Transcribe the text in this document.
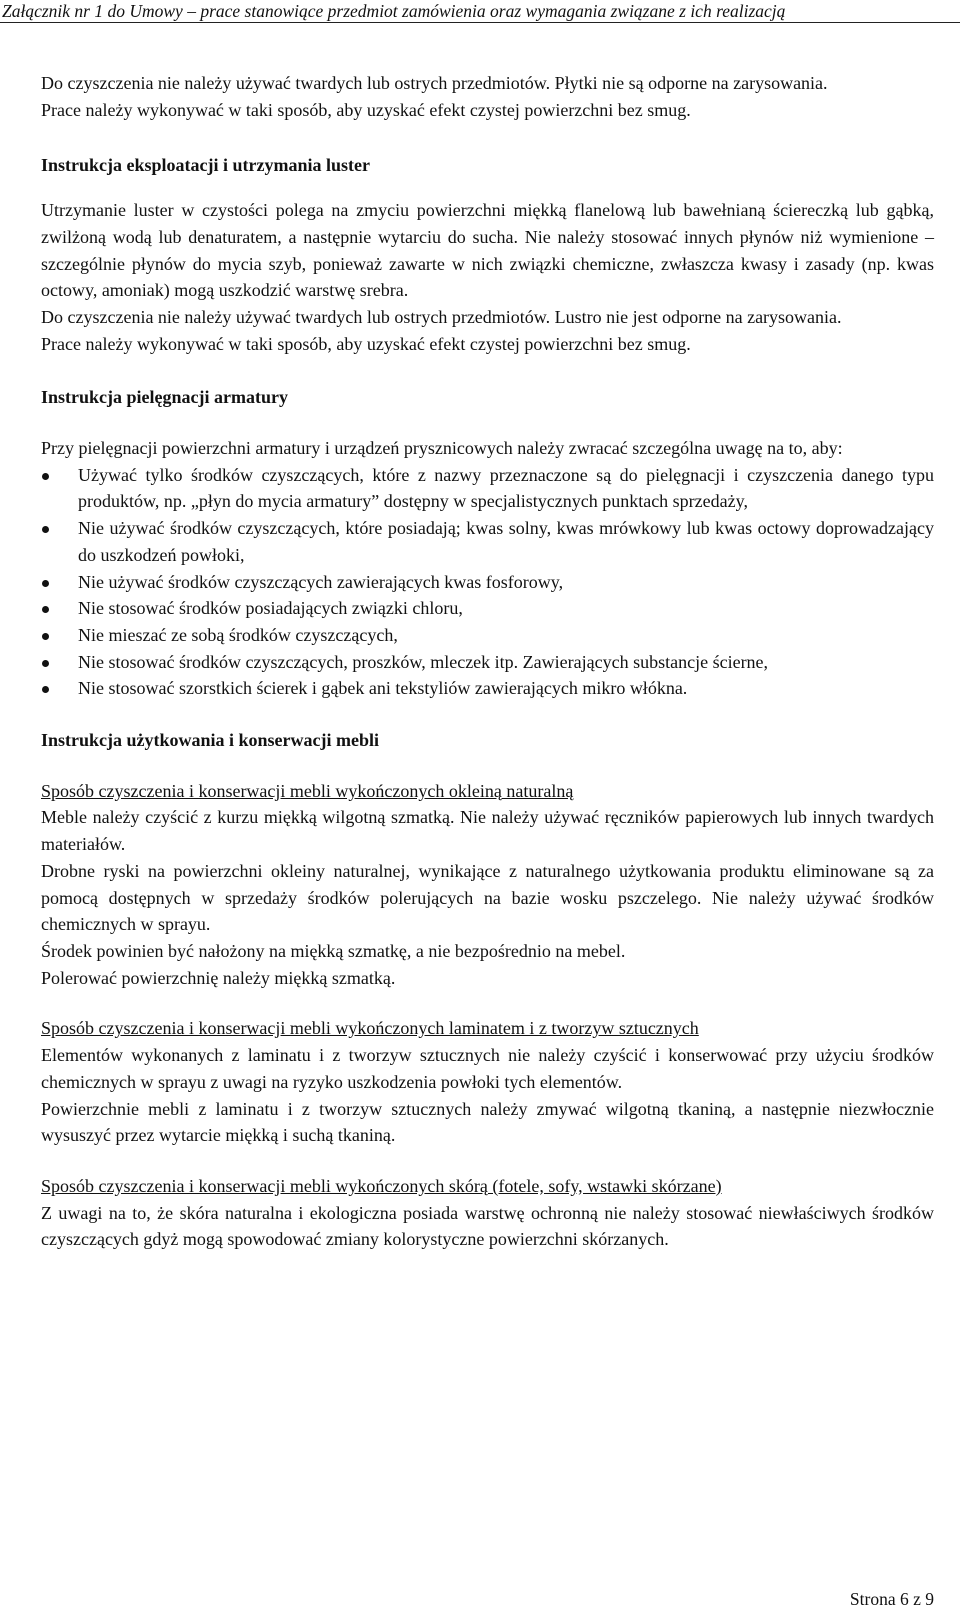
Załącznik nr 1 do Umowy – prace stanowiące przedmiot zamówienia oraz wymagania związane z ich realizacją

Do czyszczenia nie należy używać twardych lub ostrych przedmiotów. Płytki nie są odporne na zarysowania.

Prace należy wykonywać w taki sposób, aby uzyskać efekt czystej powierzchni bez smug.

Instrukcja eksploatacji i utrzymania luster

Utrzymanie luster w czystości polega na zmyciu powierzchni miękką flanelową lub bawełnianą ściereczką lub gąbką, zwilżoną wodą lub denaturatem, a następnie wytarciu do sucha. Nie należy stosować innych płynów niż wymienione – szczególnie płynów do mycia szyb, ponieważ zawarte w nich związki chemiczne, zwłaszcza kwasy i zasady (np. kwas octowy, amoniak) mogą uszkodzić warstwę srebra.

Do czyszczenia nie należy używać twardych lub ostrych przedmiotów. Lustro nie jest odporne na zarysowania.

Prace należy wykonywać w taki sposób, aby uzyskać efekt czystej powierzchni bez smug.

Instrukcja pielęgnacji armatury

Przy pielęgnacji powierzchni armatury i urządzeń prysznicowych należy zwracać szczególna uwagę na to, aby:

Używać tylko środków czyszczących, które z nazwy przeznaczone są do pielęgnacji i czyszczenia danego typu produktów, np. „płyn do mycia armatury” dostępny w specjalistycznych punktach sprzedaży,
Nie używać środków czyszczących, które posiadają; kwas solny, kwas mrówkowy lub kwas octowy doprowadzający do uszkodzeń powłoki,
Nie używać środków czyszczących zawierających kwas fosforowy,
Nie stosować środków posiadających związki chloru,
Nie mieszać ze sobą środków czyszczących,
Nie stosować środków czyszczących, proszków, mleczek itp. Zawierających substancje ścierne,
Nie stosować szorstkich ścierek i gąbek ani tekstyliów zawierających mikro włókna.

Instrukcja użytkowania i konserwacji mebli

Sposób czyszczenia i konserwacji mebli wykończonych okleiną naturalną

Meble należy czyścić z kurzu miękką wilgotną szmatką. Nie należy używać ręczników papierowych lub innych twardych materiałów.

Drobne ryski na powierzchni okleiny naturalnej, wynikające z naturalnego użytkowania produktu eliminowane są za pomocą dostępnych w sprzedaży środków polerujących na bazie wosku pszczelego. Nie należy używać środków chemicznych w sprayu.

Środek powinien być nałożony na miękką szmatkę, a nie bezpośrednio na mebel.

Polerować powierzchnię należy miękką szmatką.

Sposób czyszczenia i konserwacji mebli wykończonych laminatem i z tworzyw sztucznych

Elementów wykonanych z laminatu i z tworzyw sztucznych nie należy czyścić i konserwować przy użyciu środków chemicznych w sprayu z uwagi na ryzyko uszkodzenia powłoki tych elementów.

Powierzchnie mebli z laminatu i z tworzyw sztucznych należy zmywać wilgotną tkaniną, a następnie niezwłocznie wysuszyć przez wytarcie miękką i suchą tkaniną.

Sposób czyszczenia i konserwacji mebli wykończonych skórą (fotele, sofy, wstawki skórzane)

Z uwagi na to, że skóra naturalna i ekologiczna posiada warstwę ochronną nie należy stosować niewłaściwych środków czyszczących gdyż mogą spowodować zmiany kolorystyczne powierzchni skórzanych.

Strona 6 z 9
